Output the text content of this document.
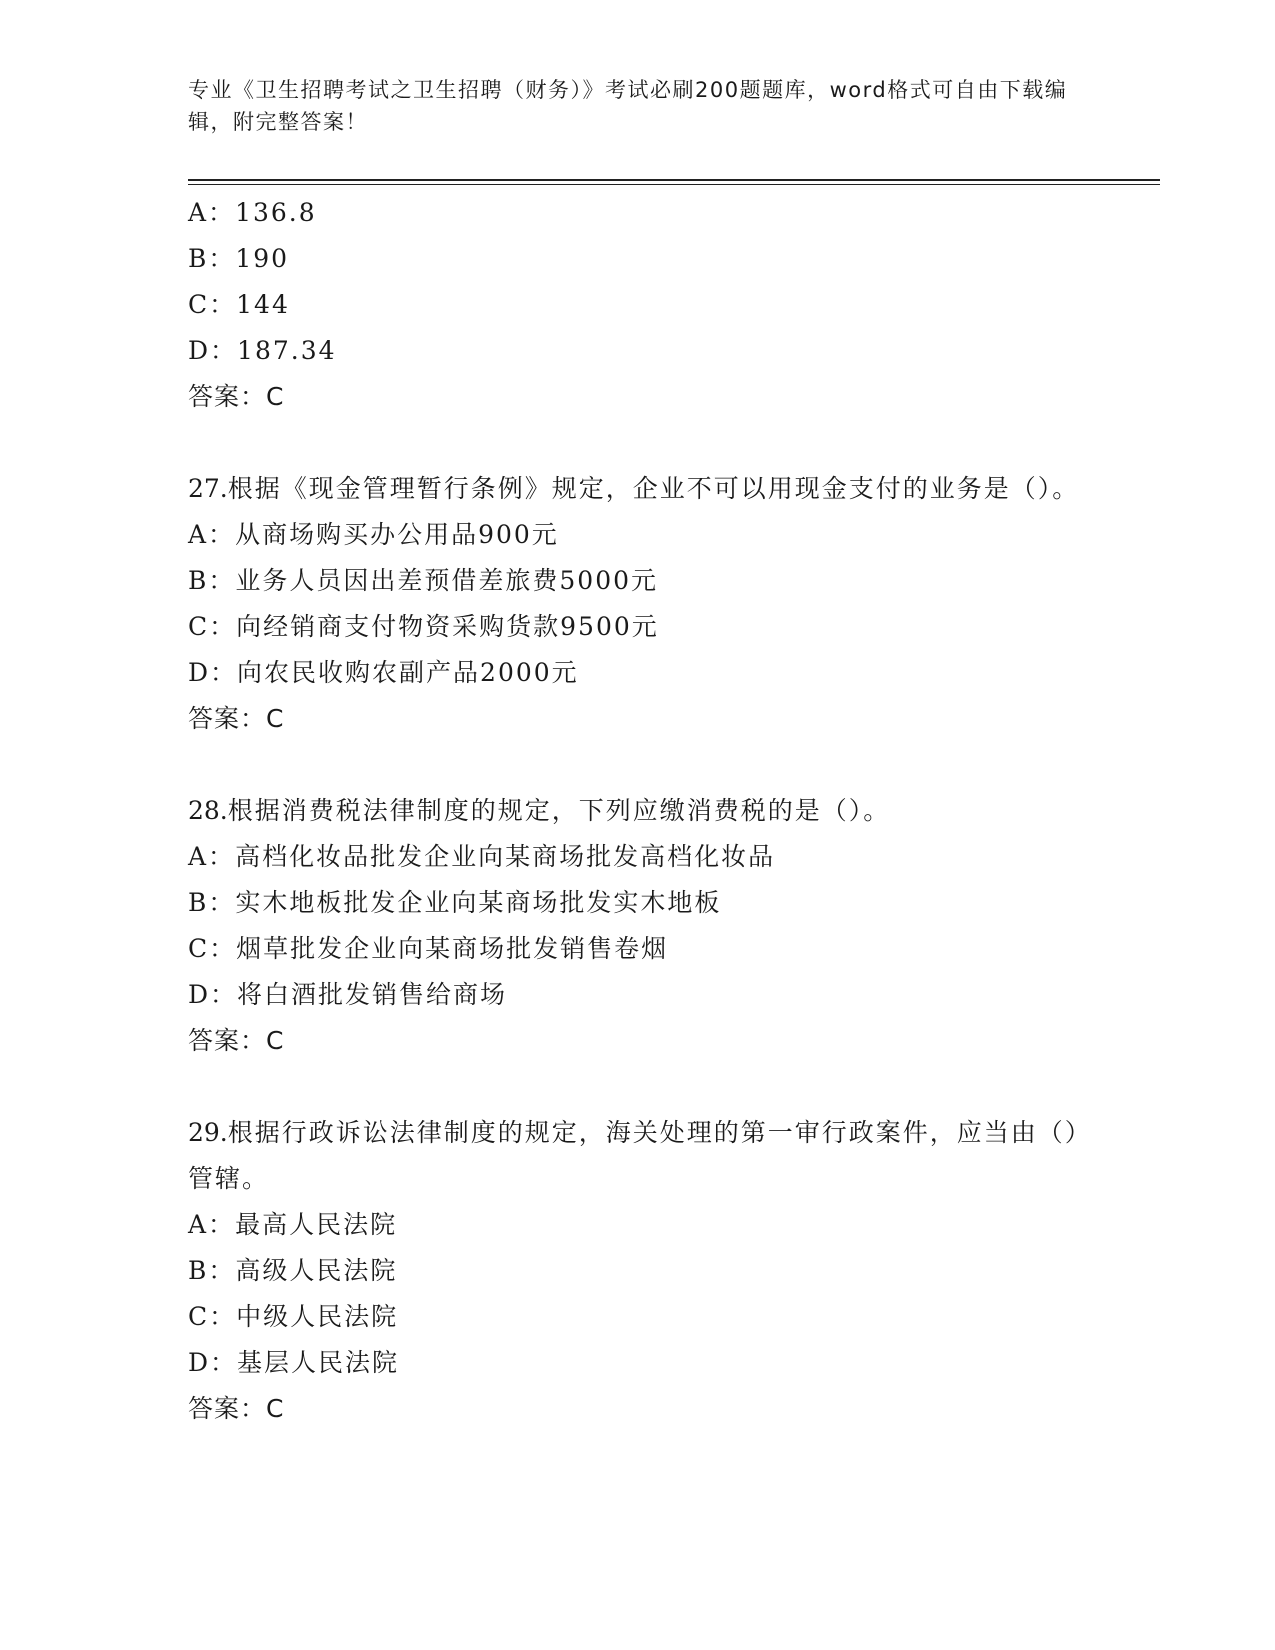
专业《卫生招聘考试之卫生招聘（财务）》考试必刷200题题库，word格式可自由下载编辑，附完整答案！

A：136.8
B：190
C：144
D：187.34
答案：C
27.根据《现金管理暂行条例》规定，企业不可以用现金支付的业务是（）。
A：从商场购买办公用品900元
B：业务人员因出差预借差旅费5000元
C：向经销商支付物资采购货款9500元
D：向农民收购农副产品2000元
答案：C
28.根据消费税法律制度的规定，下列应缴消费税的是（）。
A：高档化妆品批发企业向某商场批发高档化妆品
B：实木地板批发企业向某商场批发实木地板
C：烟草批发企业向某商场批发销售卷烟
D：将白酒批发销售给商场
答案：C
29.根据行政诉讼法律制度的规定，海关处理的第一审行政案件，应当由（）管辖。
A：最高人民法院
B：高级人民法院
C：中级人民法院
D：基层人民法院
答案：C
